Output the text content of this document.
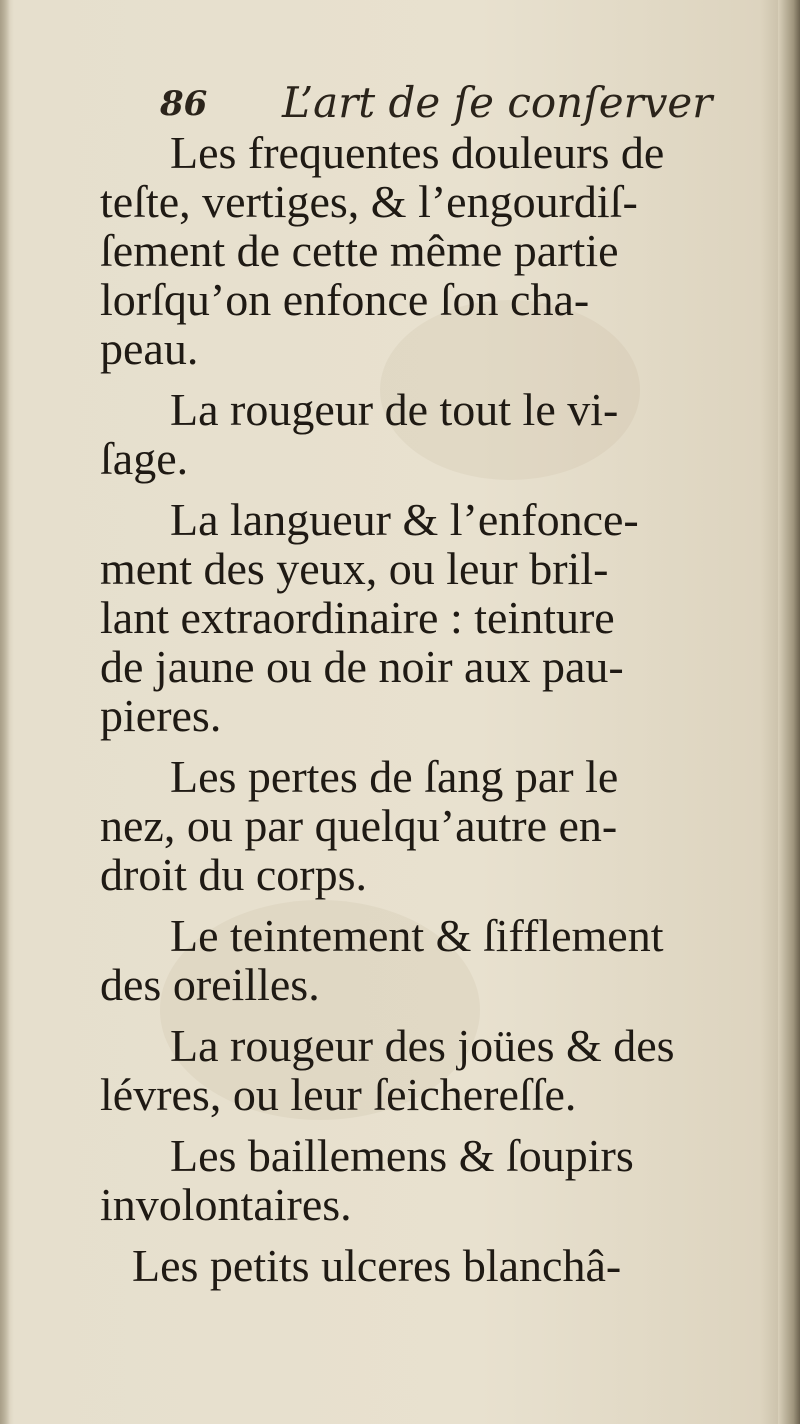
86 L’art de ſe conſerver

Les frequentes douleurs de
teſte, vertiges, & l’engourdiſ-
ſement de cette même partie
lorſqu’on enfonce ſon cha-
peau.

La rougeur de tout le vi-
ſage.

La langueur & l’enfonce-
ment des yeux, ou leur bril-
lant extraordinaire : teinture
de jaune ou de noir aux pau-
pieres.

Les pertes de ſang par le
nez, ou par quelqu’autre en-
droit du corps.

Le teintement & ſifflement
des oreilles.

La rougeur des joües & des
lévres, ou leur ſeichereſſe.

Les baillemens & ſoupirs
involontaires.

Les petits ulceres blanchâ-
